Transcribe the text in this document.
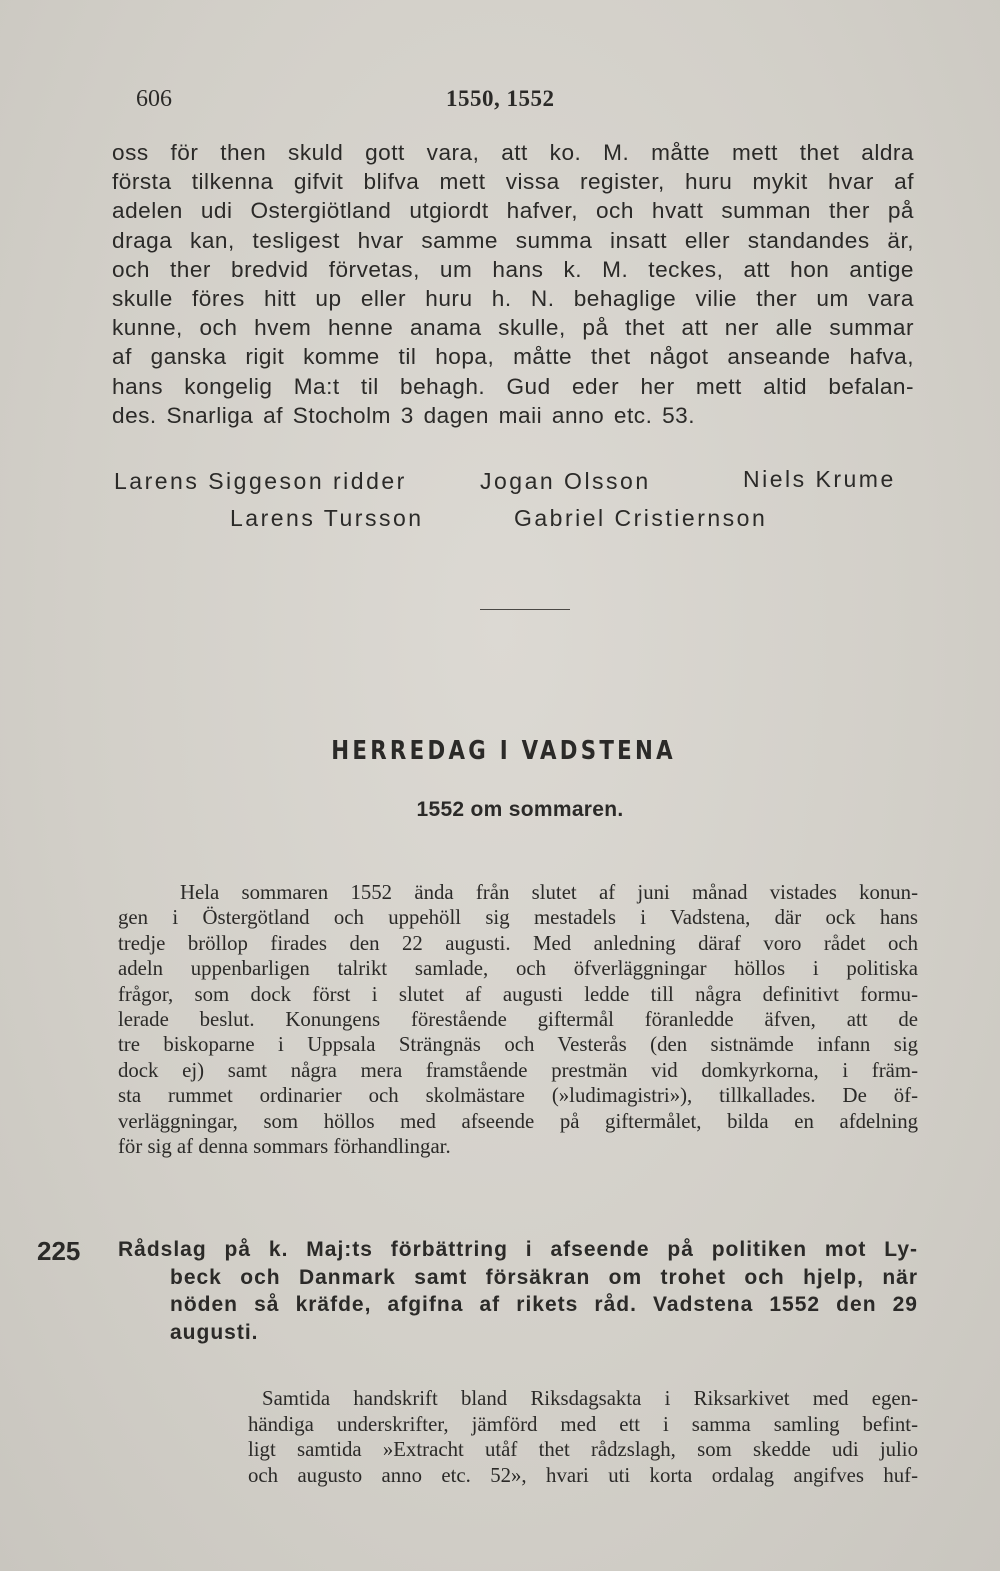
606	1550, 1552
oss för then skuld gott vara, att ko. M. måtte mett thet aldra
första tilkenna gifvit blifva mett vissa register, huru mykit hvar af
adelen udi Ostergiötland utgiordt hafver, och hvatt summan ther på
draga kan, tesligest hvar samme summa insatt eller standandes är,
och ther bredvid förvetas, um hans k. M. teckes, att hon antige
skulle föres hitt up eller huru h. N. behaglige vilie ther um vara
kunne, och hvem henne anama skulle, på thet att ner alle summar
af ganska rigit komme til hopa, måtte thet något anseande hafva,
hans kongelig Ma:t til behagh. Gud eder her mett altid befalan-
des. Snarliga af Stocholm 3 dagen maii anno etc. 53.
Larens Siggeson ridder	Jogan Olsson	Niels Krume
Larens Tursson	Gabriel Cristiernson
HERREDAG I VADSTENA
1552 om sommaren.
Hela sommaren 1552 ända från slutet af juni månad vistades konun-
gen i Östergötland och uppehöll sig mestadels i Vadstena, där ock hans
tredje bröllop firades den 22 augusti. Med anledning däraf voro rådet och
adeln uppenbarligen talrikt samlade, och öfverläggningar höllos i politiska
frågor, som dock först i slutet af augusti ledde till några definitivt formu-
lerade beslut. Konungens förestående giftermål föranledde äfven, att de
tre biskoparne i Uppsala Strängnäs och Vesterås (den sistnämde infann sig
dock ej) samt några mera framstående prestmän vid domkyrkorna, i främ-
sta rummet ordinarier och skolmästare (»ludimagistri»), tillkallades. De öf-
verläggningar, som höllos med afseende på giftermålet, bilda en afdelning
för sig af denna sommars förhandlingar.
225 Rådslag på k. Maj:ts förbättring i afseende på politiken mot Ly-
beck och Danmark samt försäkran om trohet och hjelp, när
nöden så kräfde, afgifna af rikets råd. Vadstena 1552 den 29
augusti.
Samtida handskrift bland Riksdagsakta i Riksarkivet med egen-
händiga underskrifter, jämförd med ett i samma samling befint-
ligt samtida »Extracht utåf thet rådzslagh, som skedde udi julio
och augusto anno etc. 52», hvari uti korta ordalag angifves huf-
